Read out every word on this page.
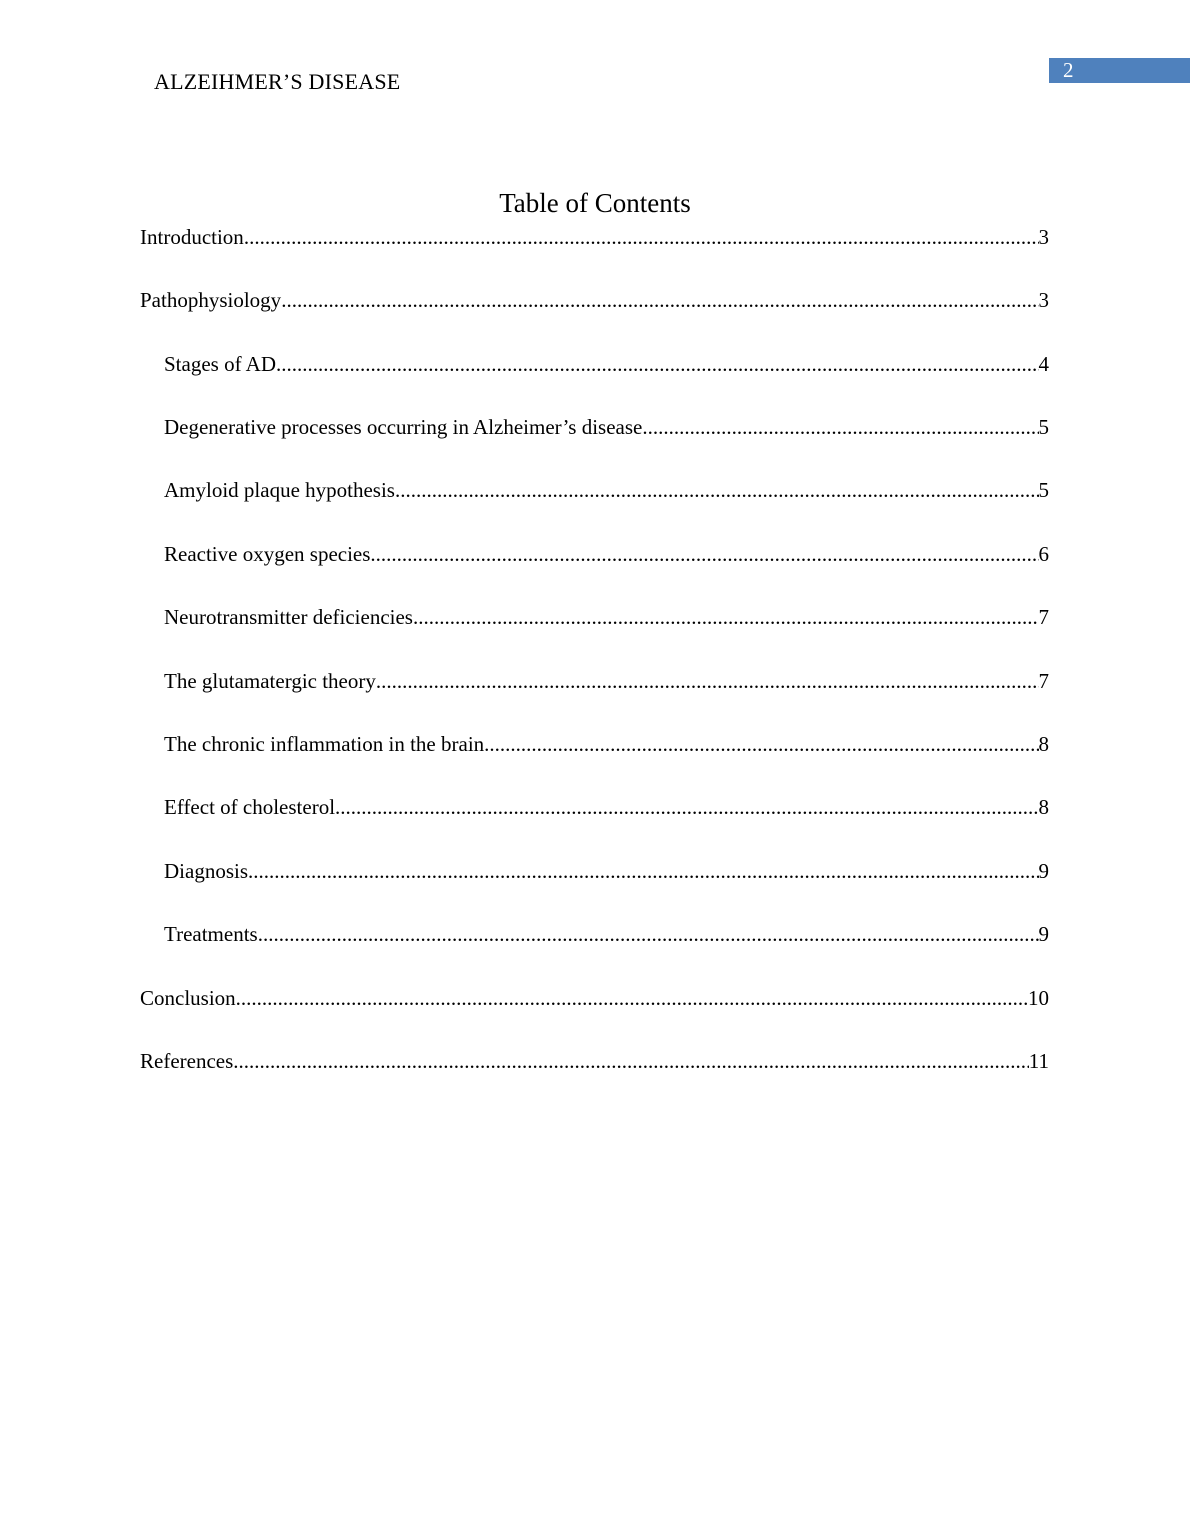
ALZEIHMER’S DISEASE	2
Table of Contents
Introduction .....	3
Pathophysiology .....	3
Stages of AD .....	4
Degenerative processes occurring in Alzheimer’s disease .....	5
Amyloid plaque hypothesis .....	5
Reactive oxygen species .....	6
Neurotransmitter deficiencies .....	7
The glutamatergic theory .....	7
The chronic inflammation in the brain .....	8
Effect of cholesterol .....	8
Diagnosis .....	9
Treatments .....	9
Conclusion .....	10
References .....	11
